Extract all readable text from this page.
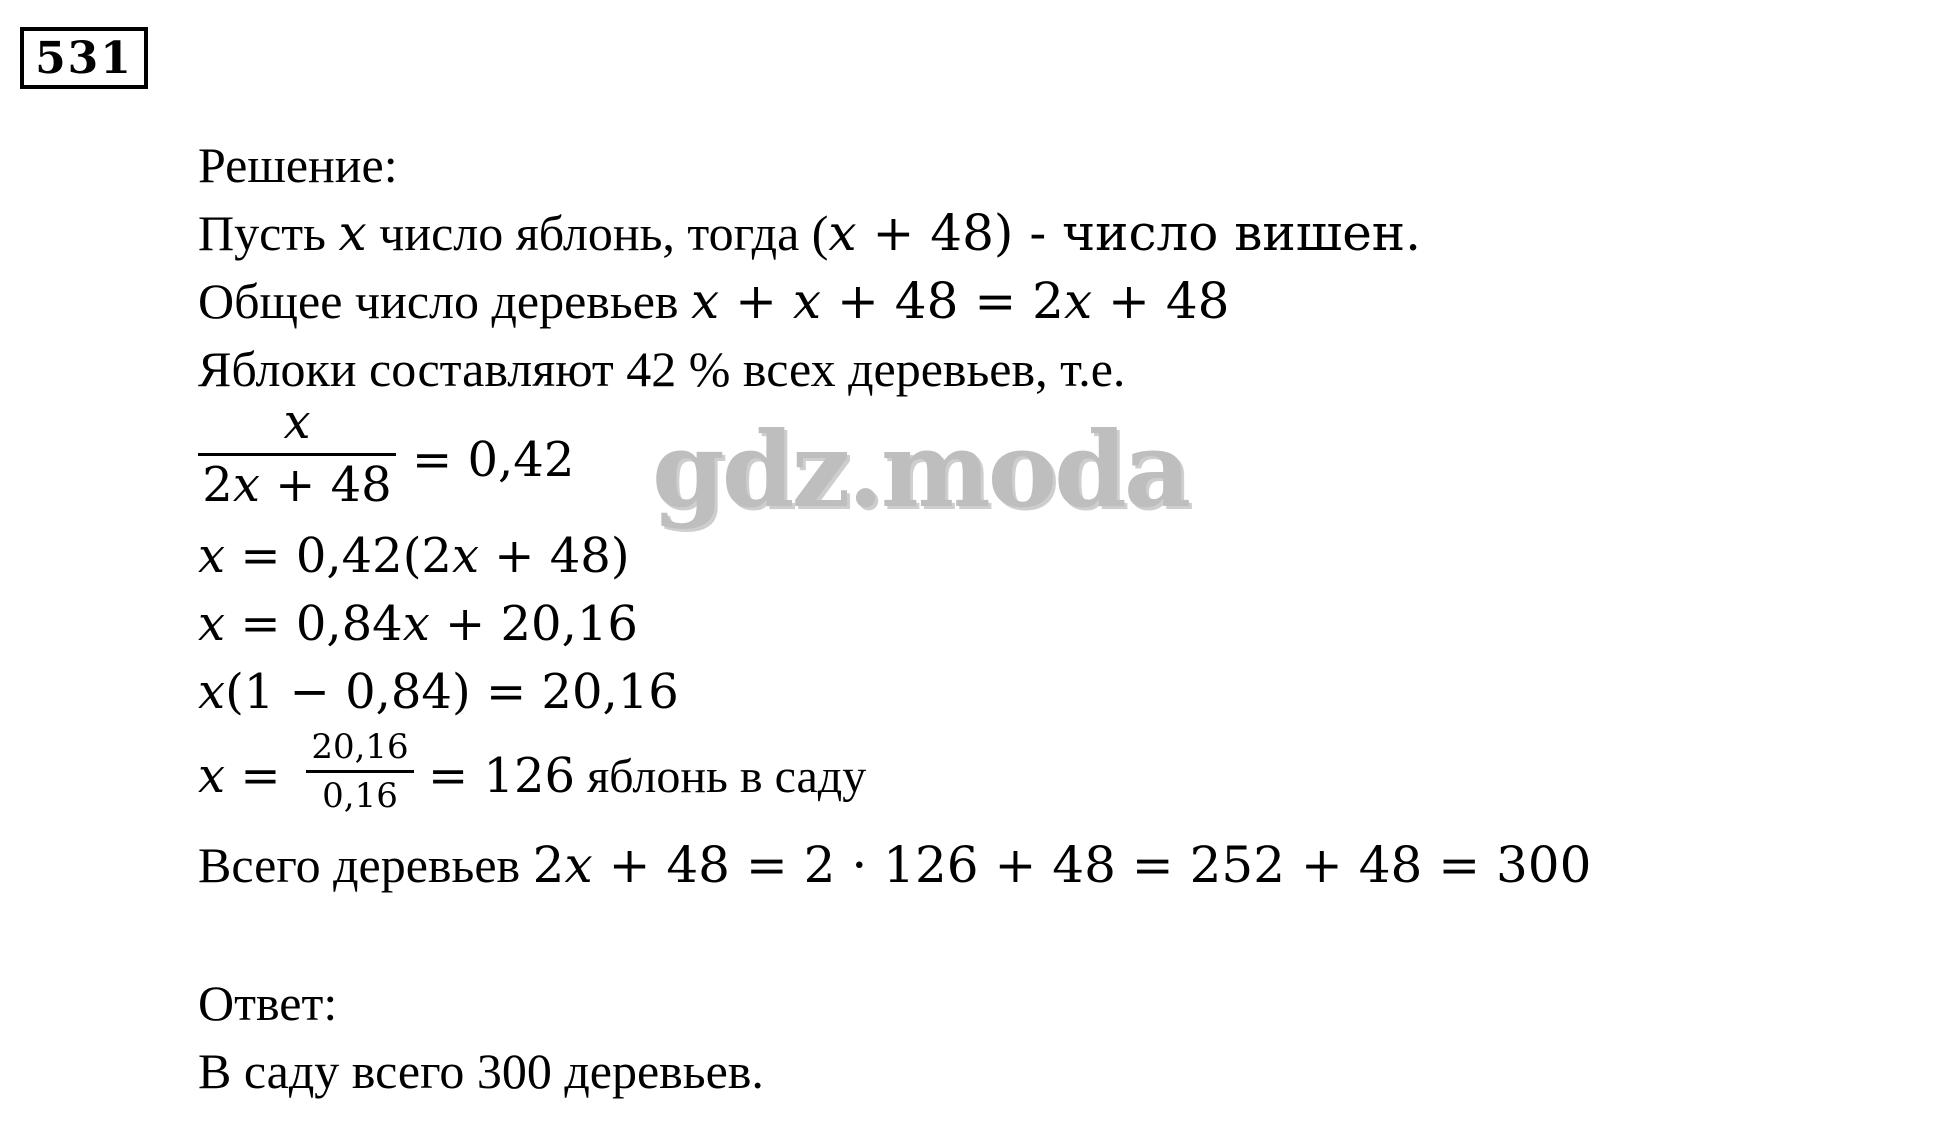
531
Решение:
Пусть x число яблонь, тогда (x + 48) - число вишен.
Общее число деревьев x + x + 48 = 2x + 48
Яблоки составляют 42 % всех деревьев, т.е.
x
2x + 48 = 0,42
x = 0,42(2x + 48)
x = 0,84x + 20,16
x(1 − 0,84) = 20,16
x =
20,16
0,16 = 126 яблонь в саду
Всего деревьев 2x + 48 = 2 · 126 + 48 = 252 + 48 = 300
Ответ:
В саду всего 300 деревьев.
gdz.moda
